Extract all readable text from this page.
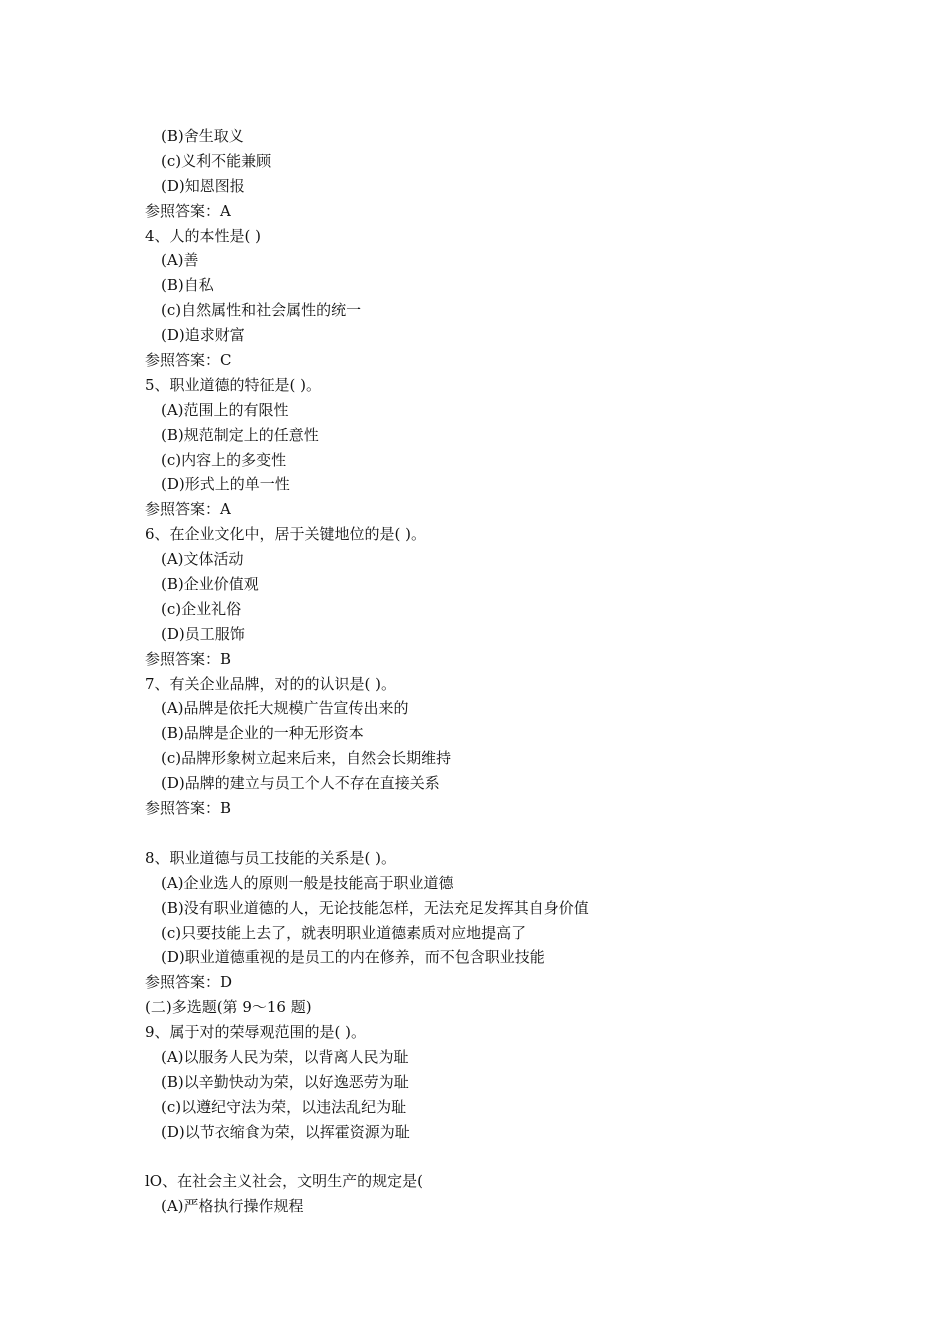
(B)舍生取义
(c)义利不能兼顾
(D)知恩图报
参照答案：A
4、人的本性是( )
(A)善
(B)自私
(c)自然属性和社会属性的统一
(D)追求财富
参照答案：C
5、职业道德的特征是( )。
(A)范围上的有限性
(B)规范制定上的任意性
(c)内容上的多变性
(D)形式上的单一性
参照答案：A
6、在企业文化中，居于关键地位的是( )。
(A)文体活动
(B)企业价值观
(c)企业礼俗
(D)员工服饰
参照答案：B
7、有关企业品牌，对的的认识是( )。
(A)品牌是依托大规模广告宣传出来的
(B)品牌是企业的一种无形资本
(c)品牌形象树立起来后来，自然会长期维持
(D)品牌的建立与员工个人不存在直接关系
参照答案：B
8、职业道德与员工技能的关系是( )。
(A)企业选人的原则一般是技能高于职业道德
(B)没有职业道德的人，无论技能怎样，无法充足发挥其自身价值
(c)只要技能上去了，就表明职业道德素质对应地提高了
(D)职业道德重视的是员工的内在修养，而不包含职业技能
参照答案：D
(二)多选题(第 9～16 题)
9、属于对的荣辱观范围的是( )。
(A)以服务人民为荣，以背离人民为耻
(B)以辛勤快动为荣，以好逸恶劳为耻
(c)以遵纪守法为荣，以违法乱纪为耻
(D)以节衣缩食为荣，以挥霍资源为耻
lO、在社会主义社会，文明生产的规定是(
(A)严格执行操作规程
